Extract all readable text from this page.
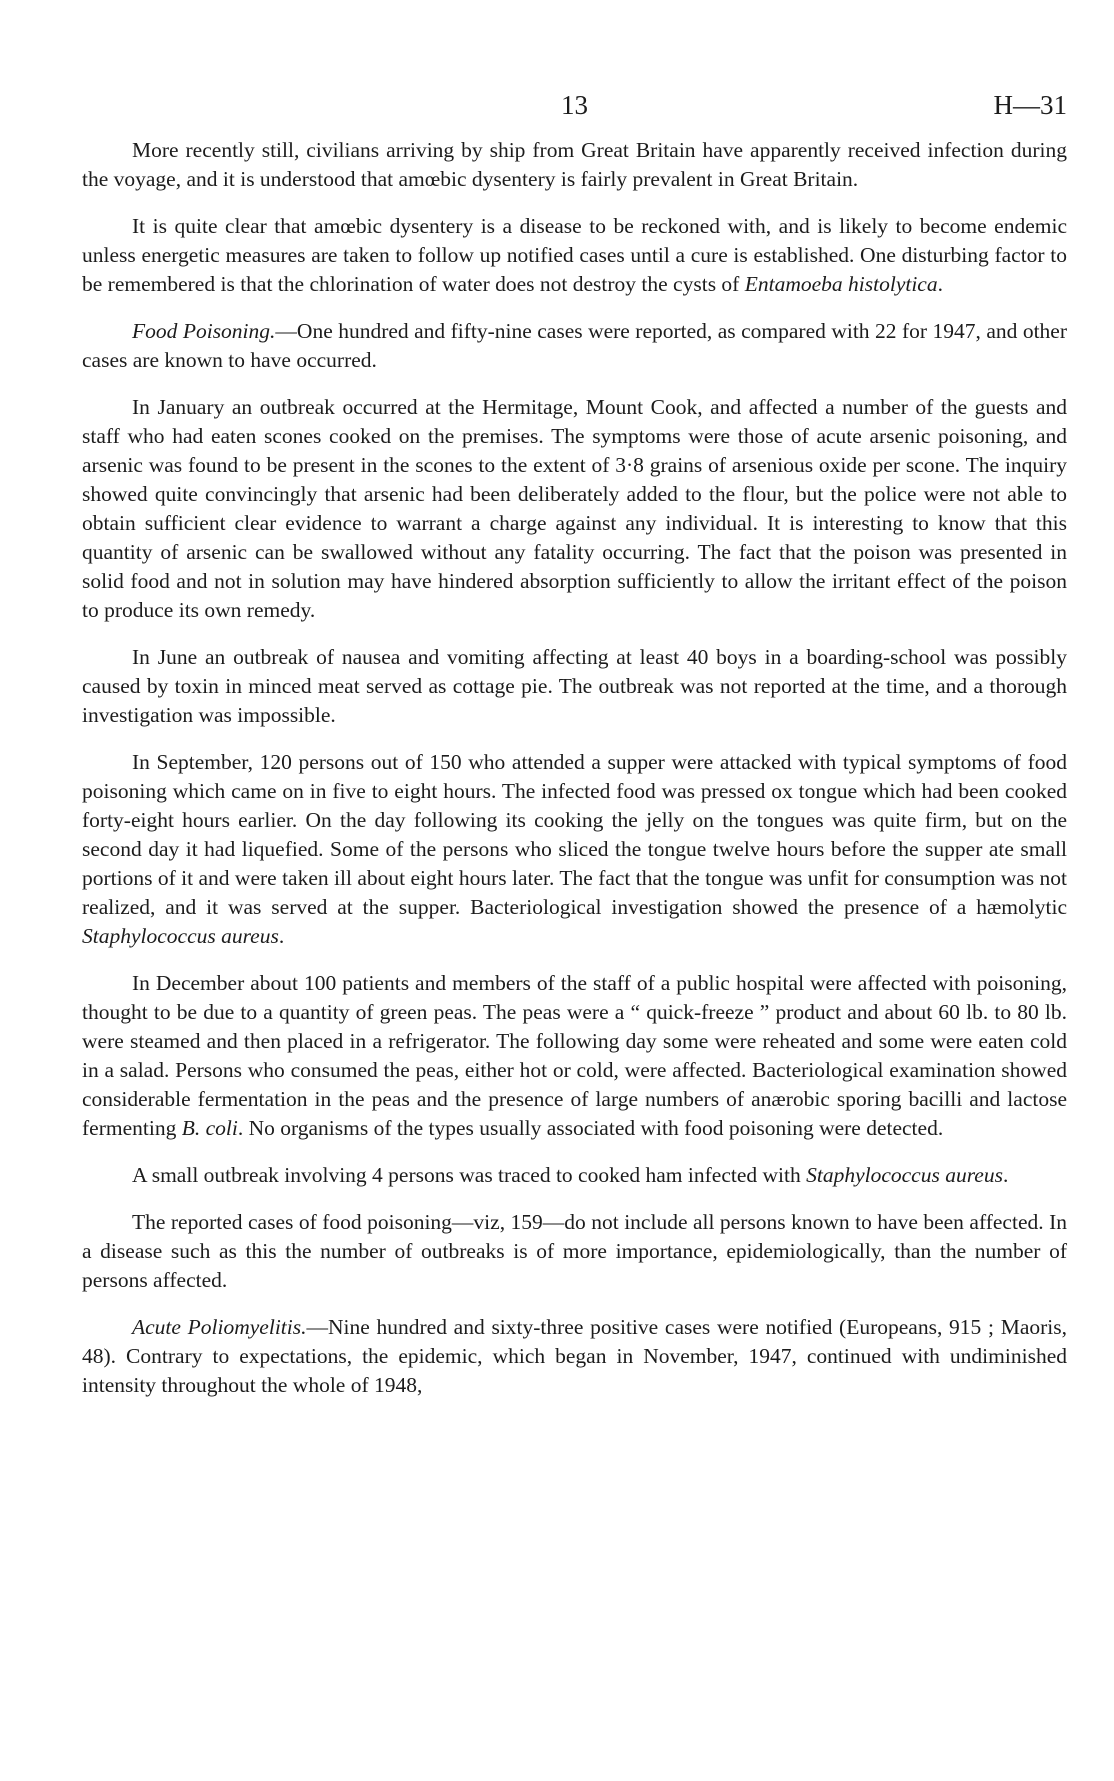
13	H—31

More recently still, civilians arriving by ship from Great Britain have apparently received infection during the voyage, and it is understood that amœbic dysentery is fairly prevalent in Great Britain.

It is quite clear that amœbic dysentery is a disease to be reckoned with, and is likely to become endemic unless energetic measures are taken to follow up notified cases until a cure is established. One disturbing factor to be remembered is that the chlorination of water does not destroy the cysts of Entamoeba histolytica.

Food Poisoning.—One hundred and fifty-nine cases were reported, as compared with 22 for 1947, and other cases are known to have occurred.

In January an outbreak occurred at the Hermitage, Mount Cook, and affected a number of the guests and staff who had eaten scones cooked on the premises. The symptoms were those of acute arsenic poisoning, and arsenic was found to be present in the scones to the extent of 3·8 grains of arsenious oxide per scone. The inquiry showed quite convincingly that arsenic had been deliberately added to the flour, but the police were not able to obtain sufficient clear evidence to warrant a charge against any individual. It is interesting to know that this quantity of arsenic can be swallowed without any fatality occurring. The fact that the poison was presented in solid food and not in solution may have hindered absorption sufficiently to allow the irritant effect of the poison to produce its own remedy.

In June an outbreak of nausea and vomiting affecting at least 40 boys in a boarding-school was possibly caused by toxin in minced meat served as cottage pie. The outbreak was not reported at the time, and a thorough investigation was impossible.

In September, 120 persons out of 150 who attended a supper were attacked with typical symptoms of food poisoning which came on in five to eight hours. The infected food was pressed ox tongue which had been cooked forty-eight hours earlier. On the day following its cooking the jelly on the tongues was quite firm, but on the second day it had liquefied. Some of the persons who sliced the tongue twelve hours before the supper ate small portions of it and were taken ill about eight hours later. The fact that the tongue was unfit for consumption was not realized, and it was served at the supper. Bacteriological investigation showed the presence of a hæmolytic Staphylococcus aureus.

In December about 100 patients and members of the staff of a public hospital were affected with poisoning, thought to be due to a quantity of green peas. The peas were a “ quick-freeze ” product and about 60 lb. to 80 lb. were steamed and then placed in a refrigerator. The following day some were reheated and some were eaten cold in a salad. Persons who consumed the peas, either hot or cold, were affected. Bacteriological examination showed considerable fermentation in the peas and the presence of large numbers of anærobic sporing bacilli and lactose fermenting B. coli. No organisms of the types usually associated with food poisoning were detected.

A small outbreak involving 4 persons was traced to cooked ham infected with Staphylococcus aureus.

The reported cases of food poisoning—viz, 159—do not include all persons known to have been affected. In a disease such as this the number of outbreaks is of more importance, epidemiologically, than the number of persons affected.

Acute Poliomyelitis.—Nine hundred and sixty-three positive cases were notified (Europeans, 915 ; Maoris, 48). Contrary to expectations, the epidemic, which began in November, 1947, continued with undiminished intensity throughout the whole of 1948,
